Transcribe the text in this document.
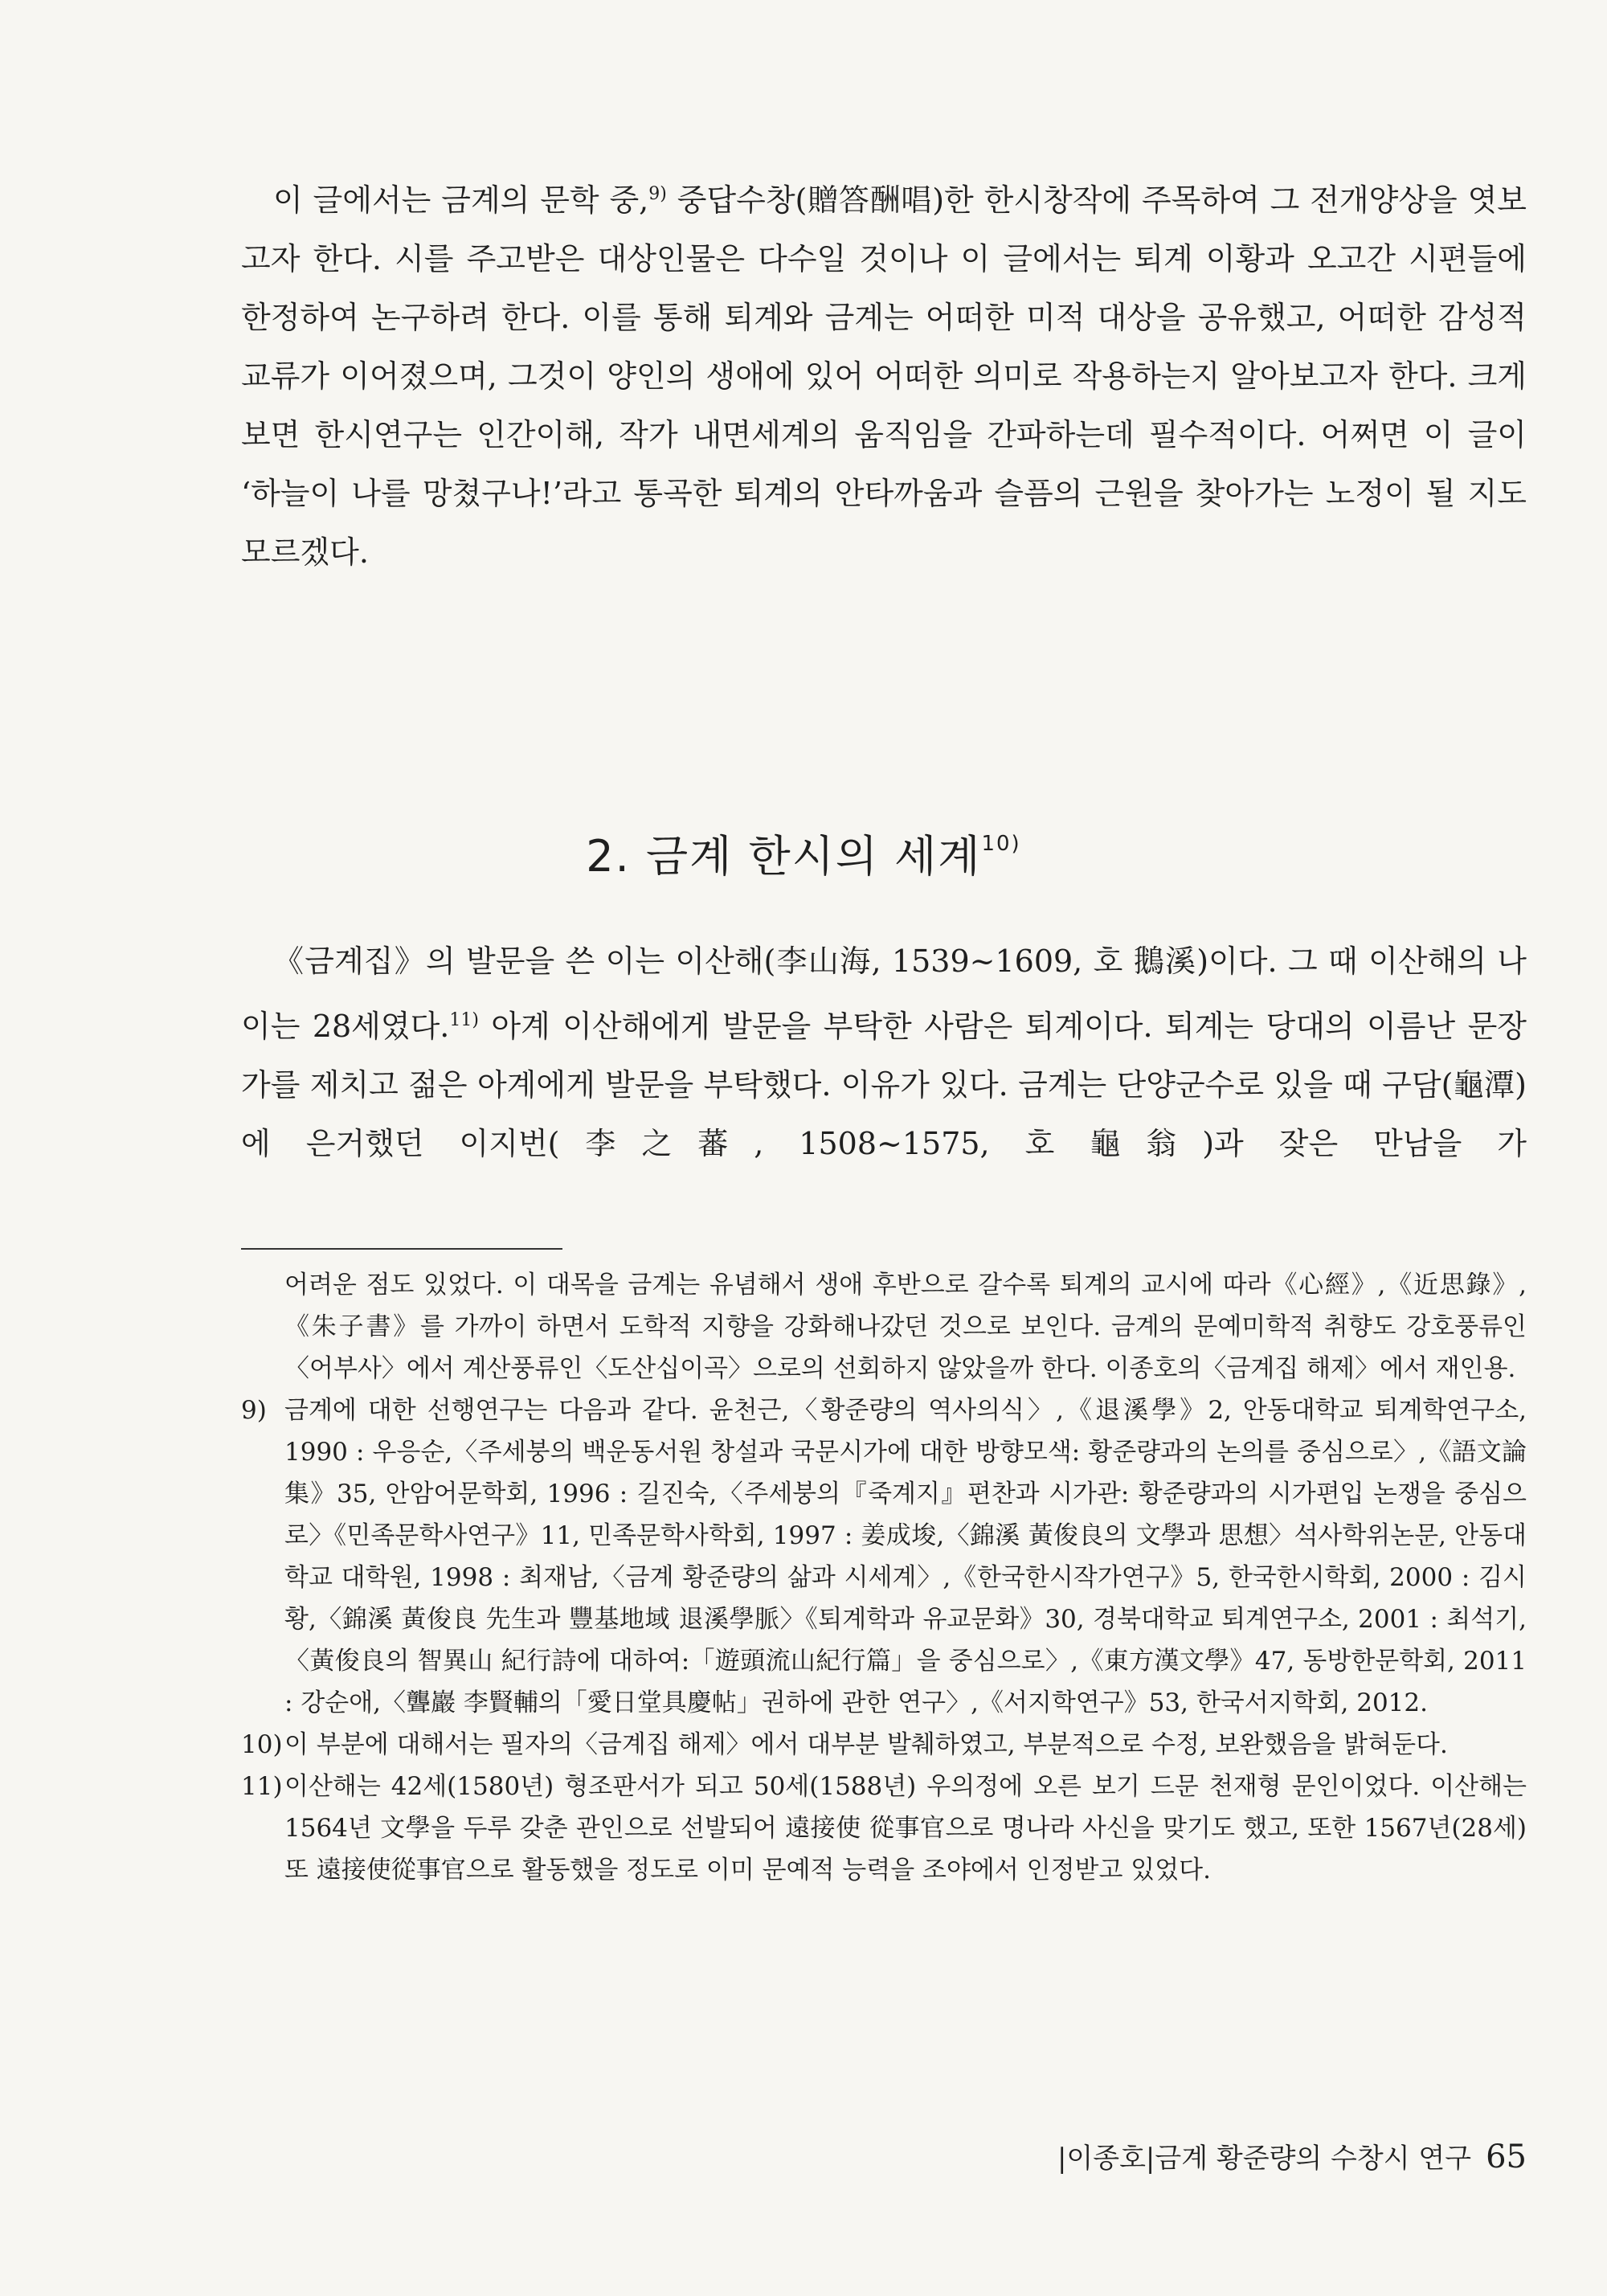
이 글에서는 금계의 문학 중,$^{9)}$ 중답수창(贈答酬唱)한 한시창작에 주목하여 그 전개양상을 엿보고자 한다. 시를 주고받은 대상인물은 다수일 것이나 이 글에서는 퇴계 이황과 오고간 시편들에 한정하여 논구하려 한다. 이를 통해 퇴계와 금계는 어떠한 미적 대상을 공유했고, 어떠한 감성적 교류가 이어졌으며, 그것이 양인의 생애에 있어 어떠한 의미로 작용하는지 알아보고자 한다. 크게 보면 한시연구는 인간이해, 작가 내면세계의 움직임을 간파하는데 필수적이다. 어쩌면 이 글이 ‘하늘이 나를 망쳤구나!’라고 통곡한 퇴계의 안타까움과 슬픔의 근원을 찾아가는 노정이 될 지도 모르겠다.

2. 금계 한시의 세계$^{10)}$

《금계집》의 발문을 쓴 이는 이산해(李山海, 1539~1609, 호 鵝溪)이다. 그 때 이산해의 나이는 28세였다.$^{11)}$ 아계 이산해에게 발문을 부탁한 사람은 퇴계이다. 퇴계는 당대의 이름난 문장가를 제치고 젊은 아계에게 발문을 부탁했다. 이유가 있다. 금계는 단양군수로 있을 때 구담(龜潭)에 은거했던 이지번(李之蕃, 1508∼1575, 호 龜翁)과 잦은 만남을 가

어려운 점도 있었다. 이 대목을 금계는 유념해서 생애 후반으로 갈수록 퇴계의 교시에 따라《心經》,《近思錄》,《朱子書》를 가까이 하면서 도학적 지향을 강화해나갔던 것으로 보인다. 금계의 문예미학적 취향도 강호풍류인〈어부사〉에서 계산풍류인〈도산십이곡〉으로의 선회하지 않았을까 한다. 이종호의〈금계집 해제〉에서 재인용.

9) 금계에 대한 선행연구는 다음과 같다. 윤천근,〈황준량의 역사의식〉,《退溪學》2, 안동대학교 퇴계학연구소, 1990 : 우응순,〈주세붕의 백운동서원 창설과 국문시가에 대한 방향모색: 황준량과의 논의를 중심으로〉,《語文論集》35, 안암어문학회, 1996 : 길진숙,〈주세붕의『죽계지』편찬과 시가관: 황준량과의 시가편입 논쟁을 중심으로〉《민족문학사연구》11, 민족문학사학회, 1997 : 姜成埈,〈錦溪 黃俊良의 文學과 思想〉석사학위논문, 안동대학교 대학원, 1998 : 최재남,〈금계 황준량의 삶과 시세계〉,《한국한시작가연구》5, 한국한시학회, 2000 : 김시황,〈錦溪 黃俊良 先生과 豐基地域 退溪學脈〉《퇴계학과 유교문화》30, 경북대학교 퇴계연구소, 2001 : 최석기,〈黃俊良의 智異山 紀行詩에 대하여:「遊頭流山紀行篇」을 중심으로〉,《東方漢文學》47, 동방한문학회, 2011 : 강순애,〈聾巖 李賢輔의「愛日堂具慶帖」권하에 관한 연구〉,《서지학연구》53, 한국서지학회, 2012.
10) 이 부분에 대해서는 필자의〈금계집 해제〉에서 대부분 발췌하였고, 부분적으로 수정, 보완했음을 밝혀둔다.
11) 이산해는 42세(1580년) 형조판서가 되고 50세(1588년) 우의정에 오른 보기 드문 천재형 문인이었다. 이산해는 1564년 文學을 두루 갖춘 관인으로 선발되어 遠接使 從事官으로 명나라 사신을 맞기도 했고, 또한 1567년(28세) 또 遠接使從事官으로 활동했을 정도로 이미 문예적 능력을 조야에서 인정받고 있었다.
|이종호|금계 황준량의 수창시 연구 65
